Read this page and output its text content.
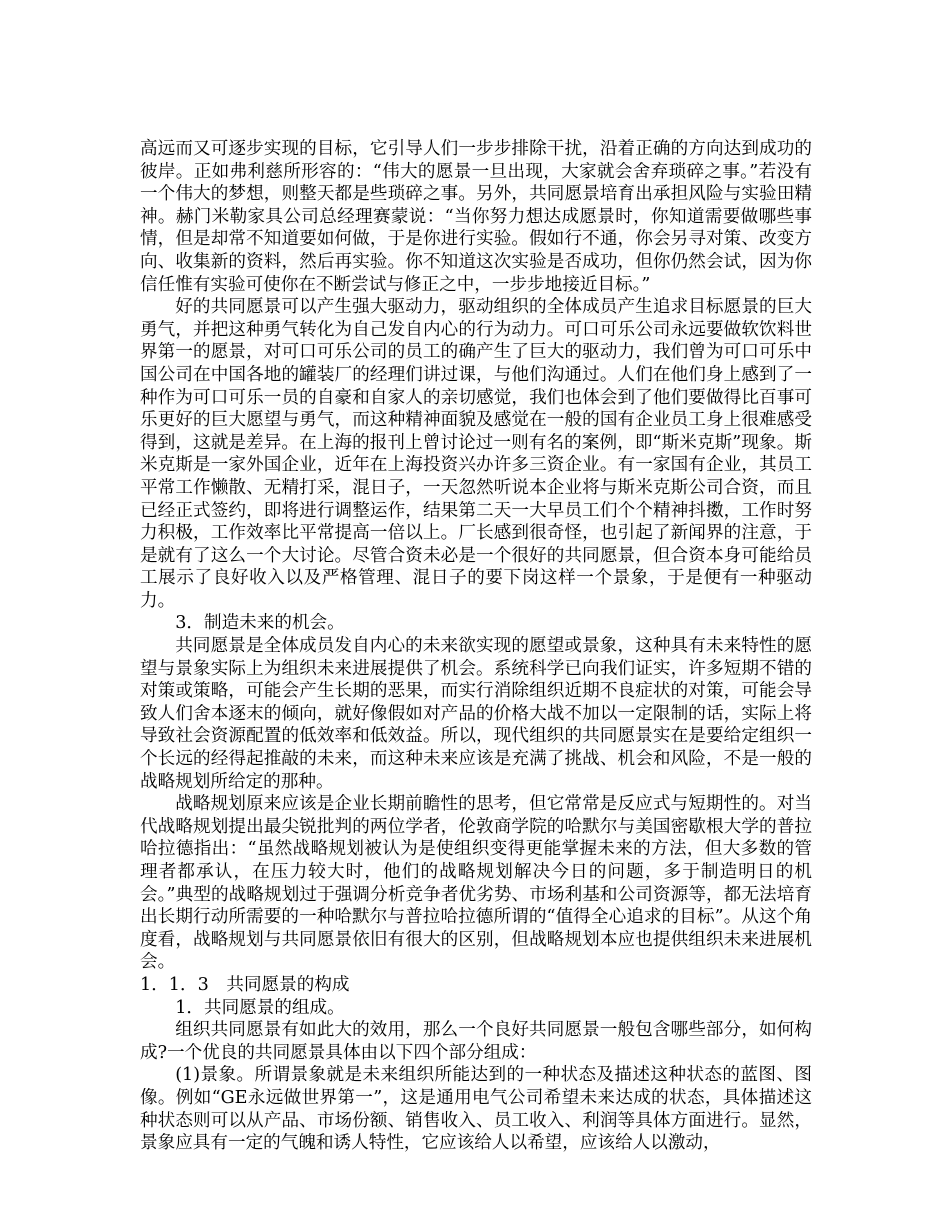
高远而又可逐步实现的目标，它引导人们一步步排除干扰，沿着正确的方向达到成功的彼岸。正如弗利慈所形容的：“伟大的愿景一旦出现，大家就会舍弃琐碎之事。”若没有一个伟大的梦想，则整天都是些琐碎之事。另外，共同愿景培育出承担风险与实验田精神。赫门米勒家具公司总经理赛蒙说：“当你努力想达成愿景时，你知道需要做哪些事情，但是却常不知道要如何做，于是你进行实验。假如行不通，你会另寻对策、改变方向、收集新的资料，然后再实验。你不知道这次实验是否成功，但你仍然会试，因为你信任惟有实验可使你在不断尝试与修正之中，一步步地接近目标。”

好的共同愿景可以产生强大驱动力，驱动组织的全体成员产生追求目标愿景的巨大勇气，并把这种勇气转化为自己发自内心的行为动力。可口可乐公司永远要做软饮料世界第一的愿景，对可口可乐公司的员工的确产生了巨大的驱动力，我们曾为可口可乐中国公司在中国各地的罐装厂的经理们讲过课，与他们沟通过。人们在他们身上感到了一种作为可口可乐一员的自豪和自家人的亲切感觉，我们也体会到了他们要做得比百事可乐更好的巨大愿望与勇气，而这种精神面貌及感觉在一般的国有企业员工身上很难感受得到，这就是差异。在上海的报刊上曾讨论过一则有名的案例，即“斯米克斯”现象。斯米克斯是一家外国企业，近年在上海投资兴办许多三资企业。有一家国有企业，其员工平常工作懒散、无精打采，混日子，一天忽然听说本企业将与斯米克斯公司合资，而且已经正式签约，即将进行调整运作，结果第二天一大早员工们个个精神抖擞，工作时努力积极，工作效率比平常提高一倍以上。厂长感到很奇怪，也引起了新闻界的注意，于是就有了这么一个大讨论。尽管合资未必是一个很好的共同愿景，但合资本身可能给员工展示了良好收入以及严格管理、混日子的要下岗这样一个景象，于是便有一种驱动力。

3．制造未来的机会。

共同愿景是全体成员发自内心的未来欲实现的愿望或景象，这种具有未来特性的愿望与景象实际上为组织未来进展提供了机会。系统科学已向我们证实，许多短期不错的对策或策略，可能会产生长期的恶果，而实行消除组织近期不良症状的对策，可能会导致人们舍本逐末的倾向，就好像假如对产品的价格大战不加以一定限制的话，实际上将导致社会资源配置的低效率和低效益。所以，现代组织的共同愿景实在是要给定组织一个长远的经得起推敲的未来，而这种未来应该是充满了挑战、机会和风险，不是一般的战略规划所给定的那种。

战略规划原来应该是企业长期前瞻性的思考，但它常常是反应式与短期性的。对当代战略规划提出最尖锐批判的两位学者，伦敦商学院的哈默尔与美国密歇根大学的普拉哈拉德指出：“虽然战略规划被认为是使组织变得更能掌握未来的方法，但大多数的管理者都承认，在压力较大时，他们的战略规划解决今日的问题，多于制造明日的机会。”典型的战略规划过于强调分析竞争者优劣势、市场利基和公司资源等，都无法培育出长期行动所需要的一种哈默尔与普拉哈拉德所谓的“值得全心追求的目标”。从这个角度看，战略规划与共同愿景依旧有很大的区别，但战略规划本应也提供组织未来进展机会。

1．1．3　共同愿景的构成

1．共同愿景的组成。

组织共同愿景有如此大的效用，那么一个良好共同愿景一般包含哪些部分，如何构成?一个优良的共同愿景具体由以下四个部分组成：

(1)景象。所谓景象就是未来组织所能达到的一种状态及描述这种状态的蓝图、图像。例如“GE永远做世界第一”，这是通用电气公司希望未来达成的状态，具体描述这种状态则可以从产品、市场份额、销售收入、员工收入、利润等具体方面进行。显然，景象应具有一定的气魄和诱人特性，它应该给人以希望，应该给人以激动，
